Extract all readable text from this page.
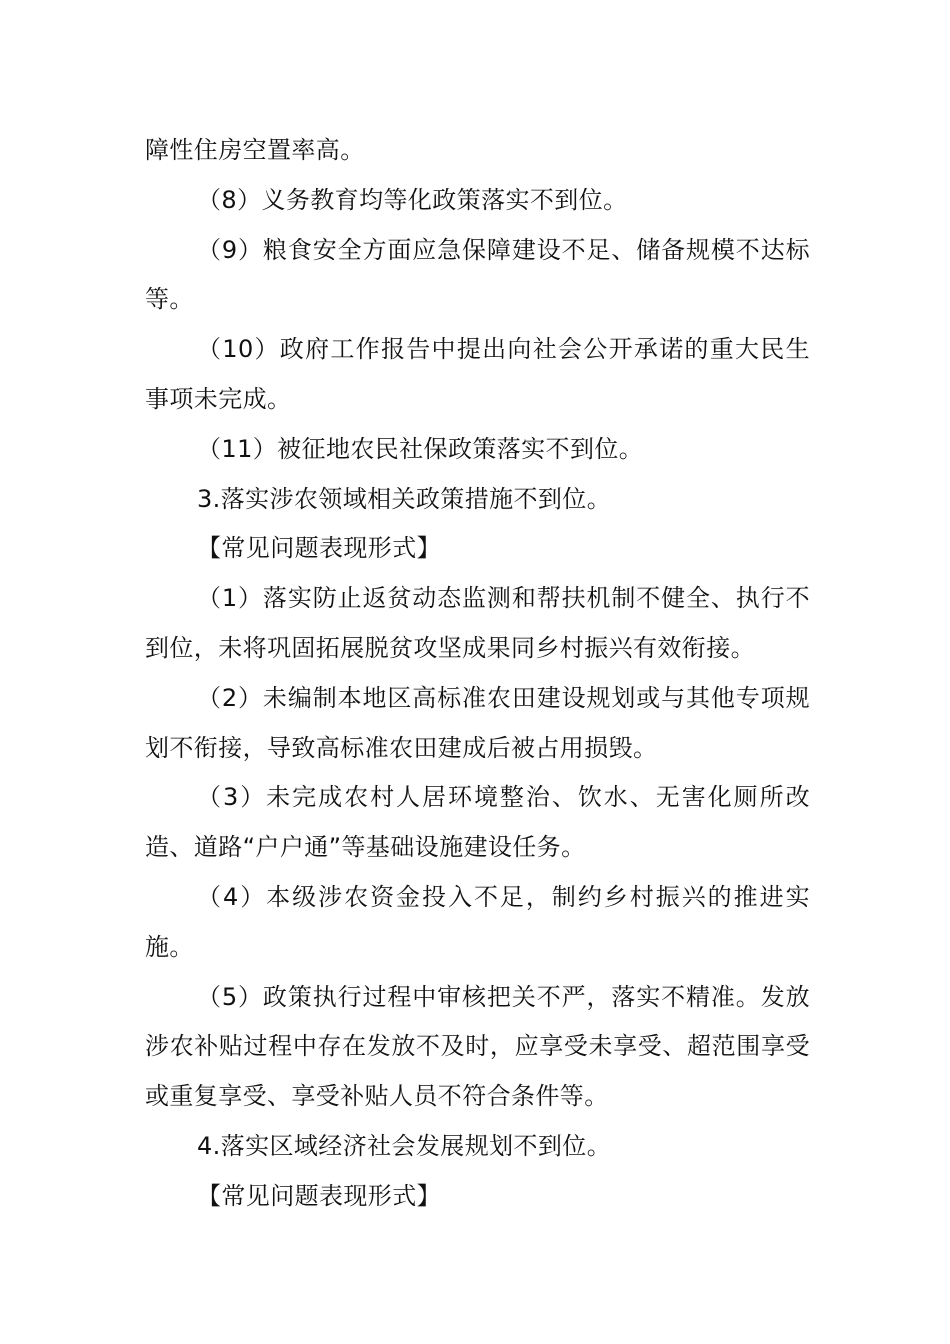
障性住房空置率高。

（8）义务教育均等化政策落实不到位。

（9）粮食安全方面应急保障建设不足、储备规模不达标等。

（10）政府工作报告中提出向社会公开承诺的重大民生事项未完成。

（11）被征地农民社保政策落实不到位。

3.落实涉农领域相关政策措施不到位。

【常见问题表现形式】

（1）落实防止返贫动态监测和帮扶机制不健全、执行不到位，未将巩固拓展脱贫攻坚成果同乡村振兴有效衔接。

（2）未编制本地区高标准农田建设规划或与其他专项规划不衔接，导致高标准农田建成后被占用损毁。

（3）未完成农村人居环境整治、饮水、无害化厕所改造、道路“户户通”等基础设施建设任务。

（4）本级涉农资金投入不足，制约乡村振兴的推进实施。

（5）政策执行过程中审核把关不严，落实不精准。发放涉农补贴过程中存在发放不及时，应享受未享受、超范围享受或重复享受、享受补贴人员不符合条件等。

4.落实区域经济社会发展规划不到位。

【常见问题表现形式】
